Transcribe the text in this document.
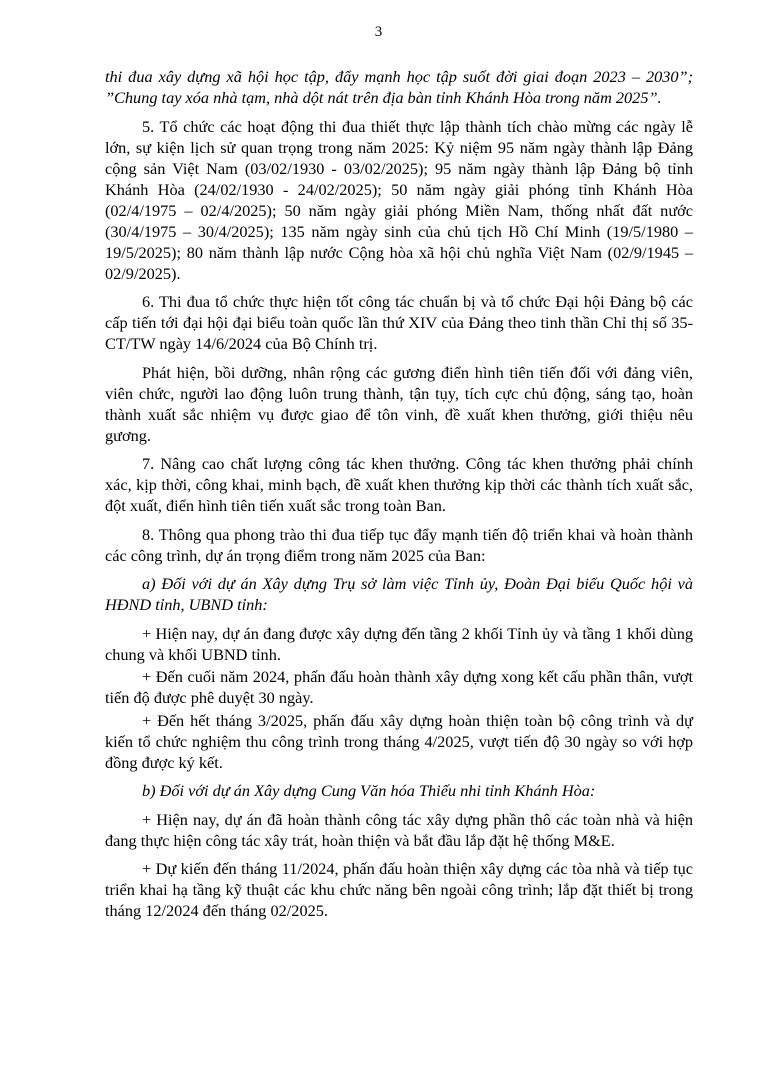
3

thi đua xây dựng xã hội học tập, đẩy mạnh học tập suốt đời giai đoạn 2023 – 2030”; ”Chung tay xóa nhà tạm, nhà dột nát trên địa bàn tỉnh Khánh Hòa trong năm 2025”.

5. Tổ chức các hoạt động thi đua thiết thực lập thành tích chào mừng các ngày lễ lớn, sự kiện lịch sử quan trọng trong năm 2025: Kỷ niệm 95 năm ngày thành lập Đảng cộng sản Việt Nam (03/02/1930 - 03/02/2025); 95 năm ngày thành lập Đảng bộ tỉnh Khánh Hòa (24/02/1930 - 24/02/2025); 50 năm ngày giải phóng tỉnh Khánh Hòa (02/4/1975 – 02/4/2025); 50 năm ngày giải phóng Miền Nam, thống nhất đất nước (30/4/1975 – 30/4/2025); 135 năm ngày sinh của chủ tịch Hồ Chí Minh (19/5/1980 – 19/5/2025); 80 năm thành lập nước Cộng hòa xã hội chủ nghĩa Việt Nam (02/9/1945 – 02/9/2025).

6. Thi đua tổ chức thực hiện tốt công tác chuẩn bị và tổ chức Đại hội Đảng bộ các cấp tiến tới đại hội đại biểu toàn quốc lần thứ XIV của Đảng theo tinh thần Chỉ thị số 35-CT/TW ngày 14/6/2024 của Bộ Chính trị.

Phát hiện, bồi dưỡng, nhân rộng các gương điển hình tiên tiến đối với đảng viên, viên chức, người lao động luôn trung thành, tận tụy, tích cực chủ động, sáng tạo, hoàn thành xuất sắc nhiệm vụ được giao để tôn vinh, đề xuất khen thưởng, giới thiệu nêu gương.

7. Nâng cao chất lượng công tác khen thưởng. Công tác khen thưởng phải chính xác, kịp thời, công khai, minh bạch, đề xuất khen thưởng kịp thời các thành tích xuất sắc, đột xuất, điển hình tiên tiến xuất sắc trong toàn Ban.

8. Thông qua phong trào thi đua tiếp tục đẩy mạnh tiến độ triển khai và hoàn thành các công trình, dự án trọng điểm trong năm 2025 của Ban:

a) Đối với dự án Xây dựng Trụ sở làm việc Tỉnh ủy, Đoàn Đại biểu Quốc hội và HĐND tỉnh, UBND tỉnh:

+ Hiện nay, dự án đang được xây dựng đến tầng 2 khối Tỉnh ủy và tầng 1 khối dùng chung và khối UBND tỉnh.

+ Đến cuối năm 2024, phấn đấu hoàn thành xây dựng xong kết cấu phần thân, vượt tiến độ được phê duyệt 30 ngày.

+ Đến hết tháng 3/2025, phấn đấu xây dựng hoàn thiện toàn bộ công trình và dự kiến tổ chức nghiệm thu công trình trong tháng 4/2025, vượt tiến độ 30 ngày so với hợp đồng được ký kết.

b) Đối với dự án Xây dựng Cung Văn hóa Thiếu nhi tỉnh Khánh Hòa:

+ Hiện nay, dự án đã hoàn thành công tác xây dựng phần thô các toàn nhà và hiện đang thực hiện công tác xây trát, hoàn thiện và bắt đầu lắp đặt hệ thống M&E.

+ Dự kiến đến tháng 11/2024, phấn đấu hoàn thiện xây dựng các tòa nhà và tiếp tục triển khai hạ tầng kỹ thuật các khu chức năng bên ngoài công trình; lắp đặt thiết bị trong tháng 12/2024 đến tháng 02/2025.
